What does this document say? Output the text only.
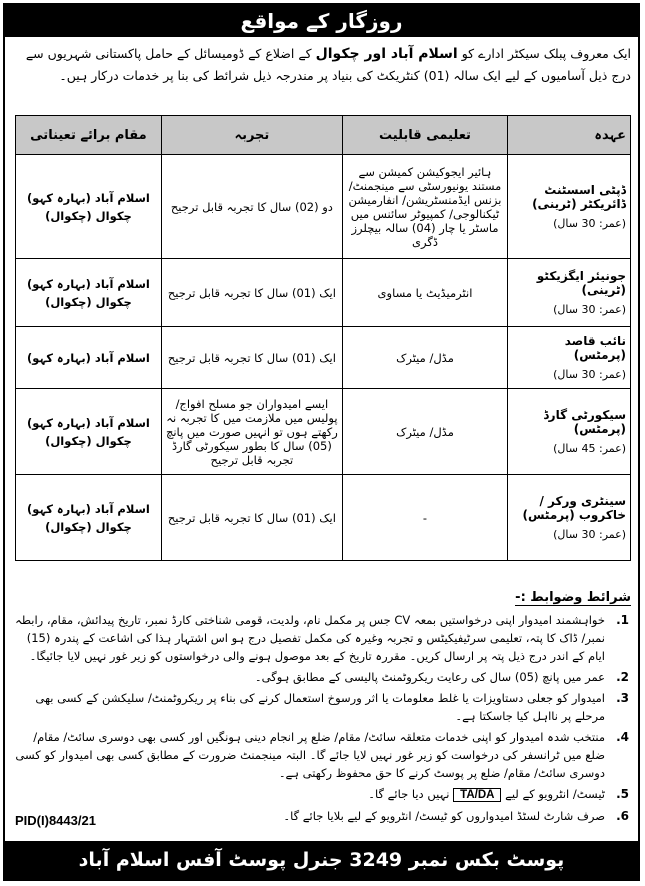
روزگار کے مواقع
ایک معروف پبلک سیکٹر ادارے کو اسلام آباد اور چکوال کے اضلاع کے ڈومیسائل کے حامل پاکستانی شہریوں سے درج ذیل آسامیوں کے لیے ایک سالہ (01) کنٹریکٹ کی بنیاد پر مندرجہ ذیل شرائط کی بنا پر خدمات درکار ہیں۔
عہدہ	تعلیمی قابلیت	تجربہ	مقام برائے تعیناتی

ڈپٹی اسسٹنٹ ڈائریکٹر (ٹرینی)
(عمر: 30 سال)	ہائیر ایجوکیشن کمیشن سے مستند یونیورسٹی سے مینجمنٹ/ بزنس ایڈمنسٹریشن/ انفارمیشن ٹیکنالوجی/ کمپیوٹر سائنس میں ماسٹر یا چار (04) سالہ بیچلرز ڈگری	دو (02) سال کا تجربہ قابل ترجیح	اسلام آباد (بہارہ کہو)
چکوال (چکوال)

جونیئر ایگزیکٹو (ٹرینی)
(عمر: 30 سال)	انٹرمیڈیٹ یا مساوی	ایک (01) سال کا تجربہ قابل ترجیح	اسلام آباد (بہارہ کہو)
چکوال (چکوال)

نائب قاصد (پرمٹس)
(عمر: 30 سال)	مڈل/ میٹرک	ایک (01) سال کا تجربہ قابل ترجیح	اسلام آباد (بہارہ کہو)

سیکورٹی گارڈ (پرمٹس)
(عمر: 45 سال)	مڈل/ میٹرک	ایسے امیدواران جو مسلح افواج/ پولیس میں ملازمت میں کا تجربہ نہ رکھتے ہوں تو انہیں صورت میں پانچ (05) سال کا بطور سیکورٹی گارڈ تجربہ قابل ترجیح	اسلام آباد (بہارہ کہو)
چکوال (چکوال)

سینٹری ورکر / خاکروب (پرمٹس)
(عمر: 30 سال)	-	ایک (01) سال کا تجربہ قابل ترجیح	اسلام آباد (بہارہ کہو)
چکوال (چکوال)
شرائط وضوابط :-
1.
خواہشمند امیدوار اپنی درخواستیں بمعہ CV جس پر مکمل نام، ولدیت، قومی شناختی کارڈ نمبر، تاریخ پیدائش، مقام، رابطہ نمبر/ ڈاک کا پتہ، تعلیمی سرٹیفیکیٹس و تجربہ وغیرہ کی مکمل تفصیل درج ہو اس اشتہار ہذا کی اشاعت کے پندرہ (15) ایام کے اندر درج ذیل پتہ پر ارسال کریں۔ مقررہ تاریخ کے بعد موصول ہونے والی درخواستوں کو زیر غور نہیں لایا جائیگا۔
2.
عمر میں پانچ (05) سال کی رعایت ریکروٹمنٹ پالیسی کے مطابق ہوگی۔
3.
امیدوار کو جعلی دستاویزات یا غلط معلومات یا اثر ورسوخ استعمال کرنے کی بناء پر ریکروٹمنٹ/ سلیکشن کے کسی بھی مرحلے پر نااہل کیا جاسکتا ہے۔
4.
منتخب شدہ امیدوار کو اپنی خدمات متعلقہ سائٹ/ مقام/ ضلع پر انجام دینی ہونگیں اور کسی بھی دوسری سائٹ/ مقام/ ضلع میں ٹرانسفر کی درخواست کو زیر غور نہیں لایا جائے گا۔ البتہ مینجمنٹ ضرورت کے مطابق کسی بھی امیدوار کو کسی دوسری سائٹ/ مقام/ ضلع پر پوسٹ کرنے کا حق محفوظ رکھتی ہے۔
5.
ٹیسٹ/ انٹرویو کے لیے TA/DA نہیں دیا جائے گا۔
6.
صرف شارٹ لسٹڈ امیدواروں کو ٹیسٹ/ انٹرویو کے لیے بلایا جائے گا۔
PID(I)8443/21
پوسٹ بکس نمبر 3249 جنرل پوسٹ آفس اسلام آباد
